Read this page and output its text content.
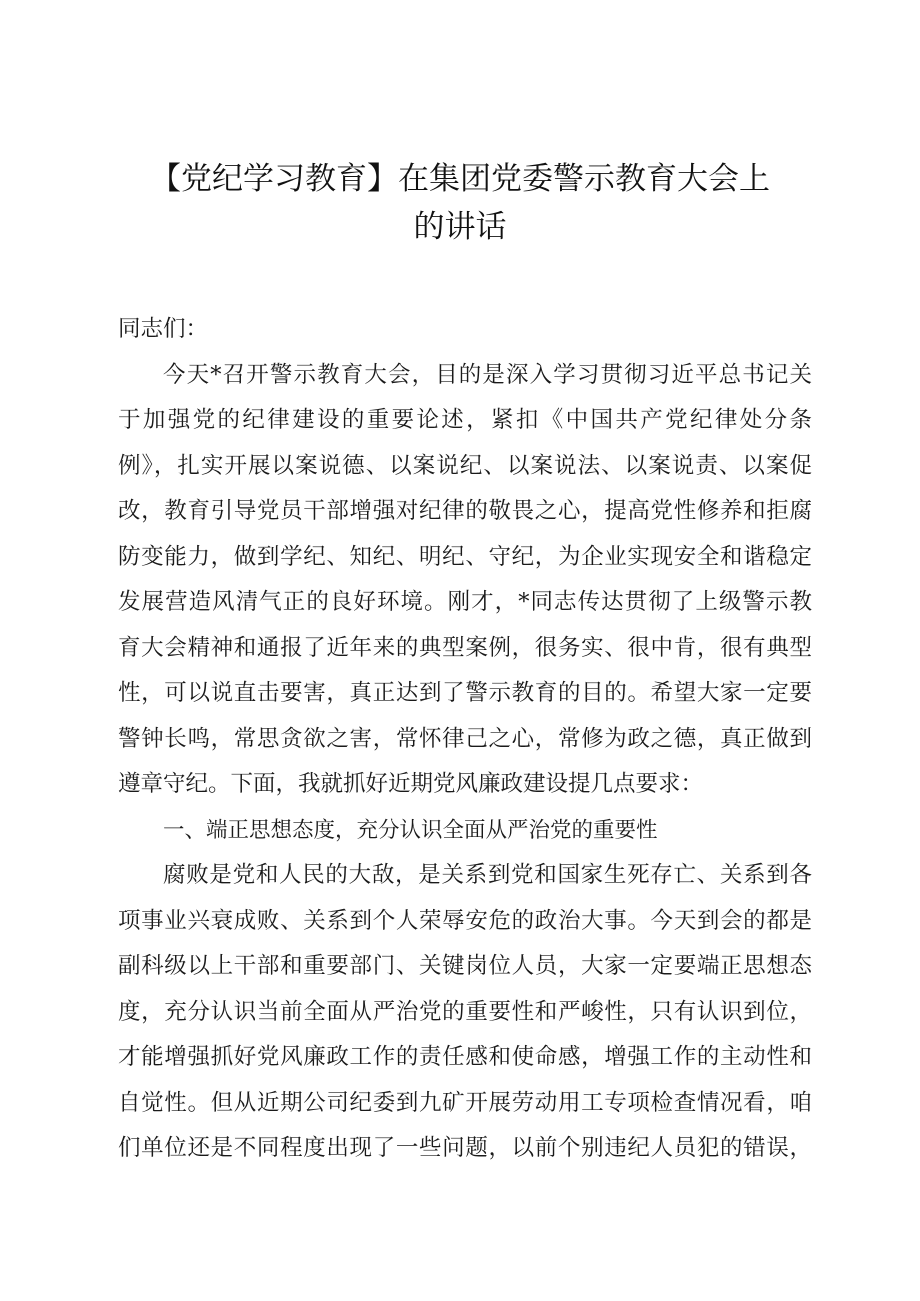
【党纪学习教育】在集团党委警示教育大会上
的讲话
同志们：
今天*召开警示教育大会，目的是深入学习贯彻习近平总书记关
于加强党的纪律建设的重要论述，紧扣《中国共产党纪律处分条
例》，扎实开展以案说德、以案说纪、以案说法、以案说责、以案促
改，教育引导党员干部增强对纪律的敬畏之心，提高党性修养和拒腐
防变能力，做到学纪、知纪、明纪、守纪，为企业实现安全和谐稳定
发展营造风清气正的良好环境。刚才，*同志传达贯彻了上级警示教
育大会精神和通报了近年来的典型案例，很务实、很中肯，很有典型
性，可以说直击要害，真正达到了警示教育的目的。希望大家一定要
警钟长鸣，常思贪欲之害，常怀律己之心，常修为政之德，真正做到
遵章守纪。下面，我就抓好近期党风廉政建设提几点要求：
一、端正思想态度，充分认识全面从严治党的重要性
腐败是党和人民的大敌，是关系到党和国家生死存亡、关系到各
项事业兴衰成败、关系到个人荣辱安危的政治大事。今天到会的都是
副科级以上干部和重要部门、关键岗位人员，大家一定要端正思想态
度，充分认识当前全面从严治党的重要性和严峻性，只有认识到位，
才能增强抓好党风廉政工作的责任感和使命感，增强工作的主动性和
自觉性。但从近期公司纪委到九矿开展劳动用工专项检查情况看，咱
们单位还是不同程度出现了一些问题，以前个别违纪人员犯的错误，
